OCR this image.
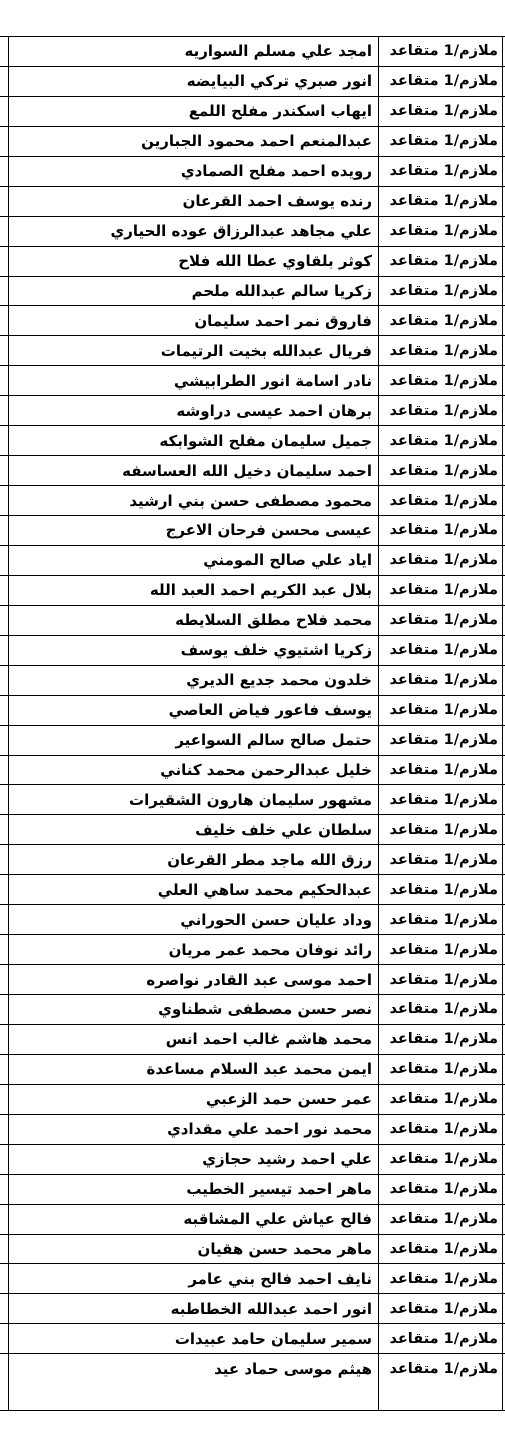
ملازم/1 متقاعد
امجد علي مسلم السواريه
ملازم/1 متقاعد
انور صبري تركي البيايضه
ملازم/1 متقاعد
ايهاب اسكندر مفلح اللمع
ملازم/1 متقاعد
عبدالمنعم احمد محمود الجبارين
ملازم/1 متقاعد
رويده احمد مفلح الصمادي
ملازم/1 متقاعد
رنده يوسف احمد القرعان
ملازم/1 متقاعد
علي مجاهد عبدالرزاق عوده الحياري
ملازم/1 متقاعد
كوثر بلقاوي عطا الله فلاح
ملازم/1 متقاعد
زكريا سالم عبدالله ملحم
ملازم/1 متقاعد
فاروق نمر احمد سليمان
ملازم/1 متقاعد
فريال عبدالله بخيت الرتيمات
ملازم/1 متقاعد
نادر اسامة انور الطرابيشي
ملازم/1 متقاعد
برهان احمد عيسى دراوشه
ملازم/1 متقاعد
جميل سليمان مفلح الشوابكه
ملازم/1 متقاعد
احمد سليمان دخيل الله العساسفه
ملازم/1 متقاعد
محمود مصطفى حسن بني ارشيد
ملازم/1 متقاعد
عيسى محسن فرحان الاعرج
ملازم/1 متقاعد
اياد علي صالح المومني
ملازم/1 متقاعد
بلال عبد الكريم احمد العبد الله
ملازم/1 متقاعد
محمد فلاح مطلق السلايطه
ملازم/1 متقاعد
زكريا اشتيوي خلف يوسف
ملازم/1 متقاعد
خلدون محمد جديع الديري
ملازم/1 متقاعد
يوسف فاعور فياض العاصي
ملازم/1 متقاعد
حتمل صالح سالم السواعير
ملازم/1 متقاعد
خليل عبدالرحمن محمد كناني
ملازم/1 متقاعد
مشهور سليمان هارون الشقيرات
ملازم/1 متقاعد
سلطان علي خلف خليف
ملازم/1 متقاعد
رزق الله ماجد مطر القرعان
ملازم/1 متقاعد
عبدالحكيم محمد ساهي العلي
ملازم/1 متقاعد
وداد عليان حسن الحوراني
ملازم/1 متقاعد
رائد نوفان محمد عمر مريان
ملازم/1 متقاعد
احمد موسى عبد القادر نواصره
ملازم/1 متقاعد
نصر حسن مصطفى شطناوي
ملازم/1 متقاعد
محمد هاشم غالب احمد انس
ملازم/1 متقاعد
ايمن محمد عبد السلام مساعدة
ملازم/1 متقاعد
عمر حسن حمد الزعبي
ملازم/1 متقاعد
محمد نور احمد علي مقدادي
ملازم/1 متقاعد
علي احمد رشيد حجازي
ملازم/1 متقاعد
ماهر احمد تيسير الخطيب
ملازم/1 متقاعد
فالح عياش علي المشاقبه
ملازم/1 متقاعد
ماهر محمد حسن هقيان
ملازم/1 متقاعد
نايف احمد فالح بني عامر
ملازم/1 متقاعد
انور احمد عبدالله الخطاطبه
ملازم/1 متقاعد
سمير سليمان حامد عبيدات
ملازم/1 متقاعد
هيثم موسى حماد عيد
